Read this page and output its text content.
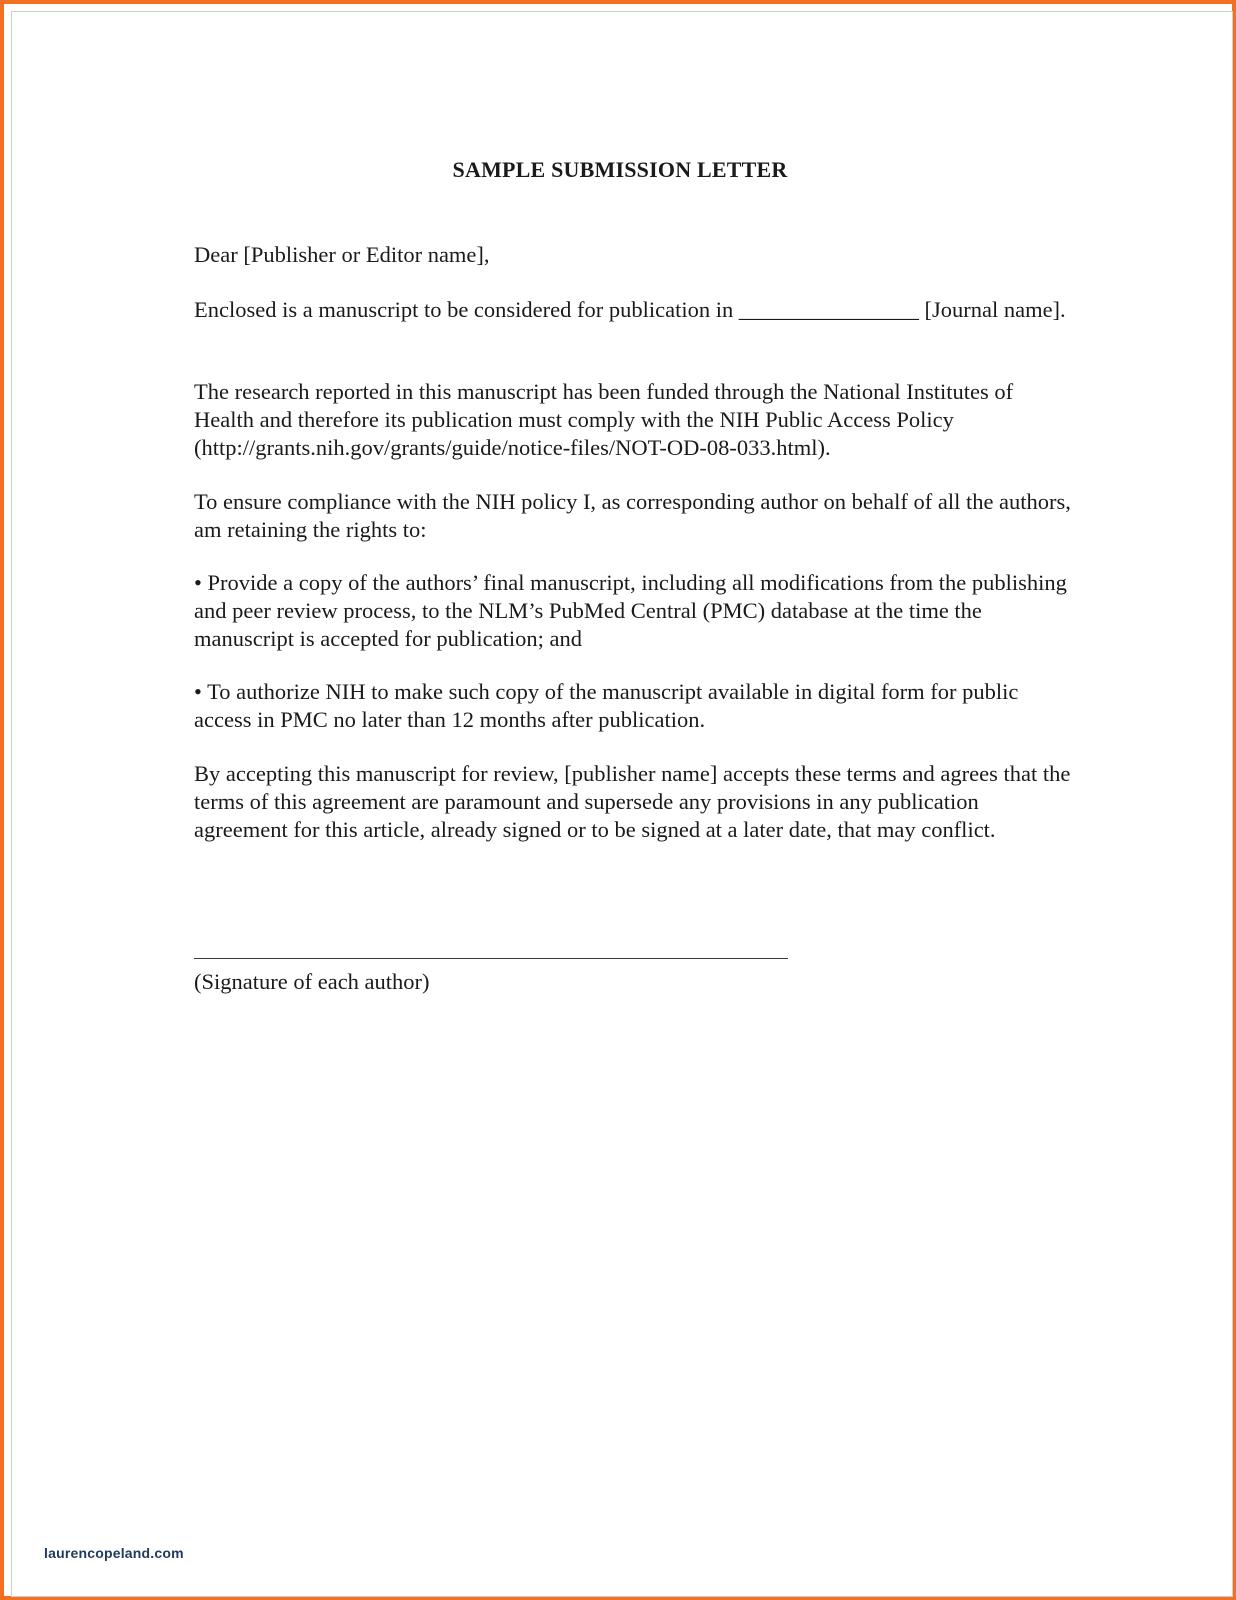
SAMPLE SUBMISSION LETTER

Dear [Publisher or Editor name],

Enclosed is a manuscript to be considered for publication in ________________ [Journal name].

The research reported in this manuscript has been funded through the National Institutes of Health and therefore its publication must comply with the NIH Public Access Policy (http://grants.nih.gov/grants/guide/notice-files/NOT-OD-08-033.html).

To ensure compliance with the NIH policy I, as corresponding author on behalf of all the authors, am retaining the rights to:

• Provide a copy of the authors’ final manuscript, including all modifications from the publishing and peer review process, to the NLM’s PubMed Central (PMC) database at the time the manuscript is accepted for publication; and

• To authorize NIH to make such copy of the manuscript available in digital form for public access in PMC no later than 12 months after publication.

By accepting this manuscript for review, [publisher name] accepts these terms and agrees that the terms of this agreement are paramount and supersede any provisions in any publication agreement for this article, already signed or to be signed at a later date, that may conflict.

(Signature of each author)

laurencopeland.com
